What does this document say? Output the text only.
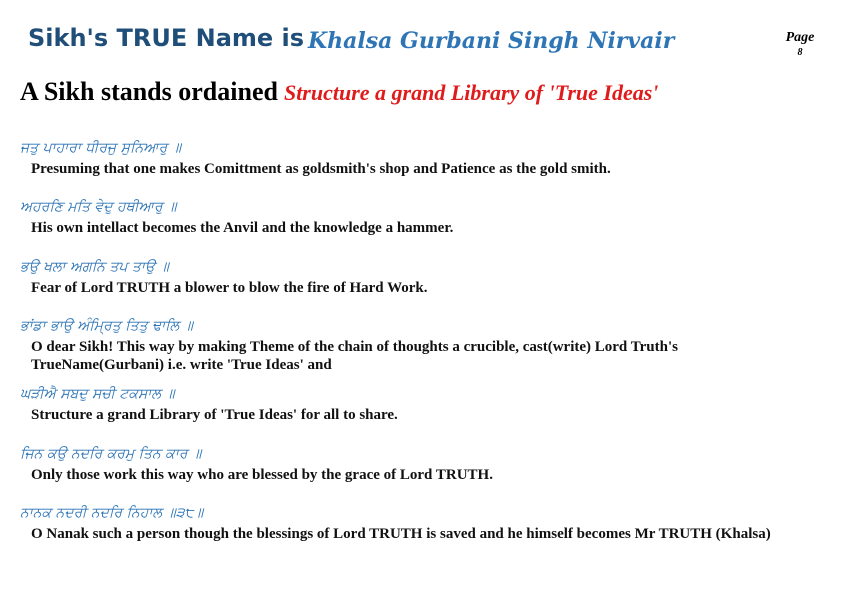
Sikh's TRUE Name is Khalsa Gurbani Singh Nirvair	Page
8
A Sikh stands ordained Structure a grand Library of 'True Ideas'
ਜਤੁ ਪਾਹਾਰਾ ਧੀਰਜੁ ਸੁਨਿਆਰੁ ॥
Presuming that one makes Comittment as goldsmith's shop and Patience as the gold smith.
ਅਹਰਣਿ ਮਤਿ ਵੇਦੁ ਹਥੀਆਰੁ ॥
His own intellact becomes the Anvil and the knowledge a hammer.
ਭਉ ਖਲਾ ਅਗਨਿ ਤਪ ਤਾਉ ॥
Fear of Lord TRUTH a blower to blow the fire of Hard Work.
ਭਾਂਡਾ ਭਾਉ ਅੰਮ੍ਰਿਤੁ ਤਿਤੁ ਢਾਲਿ ॥
O dear Sikh! This way by making Theme of the chain of thoughts a crucible, cast(write) Lord Truth's TrueName(Gurbani) i.e. write 'True Ideas' and
ਘੜੀਐ ਸਬਦੁ ਸਚੀ ਟਕਸਾਲ ॥
Structure a grand Library of 'True Ideas' for all to share.
ਜਿਨ ਕਉ ਨਦਰਿ ਕਰਮੁ ਤਿਨ ਕਾਰ ॥
Only those work this way who are blessed by the grace of Lord TRUTH.
ਨਾਨਕ ਨਦਰੀ ਨਦਰਿ ਨਿਹਾਲ ॥੩੮॥
O Nanak such a person though the blessings of Lord TRUTH is saved and he himself becomes Mr TRUTH (Khalsa)
